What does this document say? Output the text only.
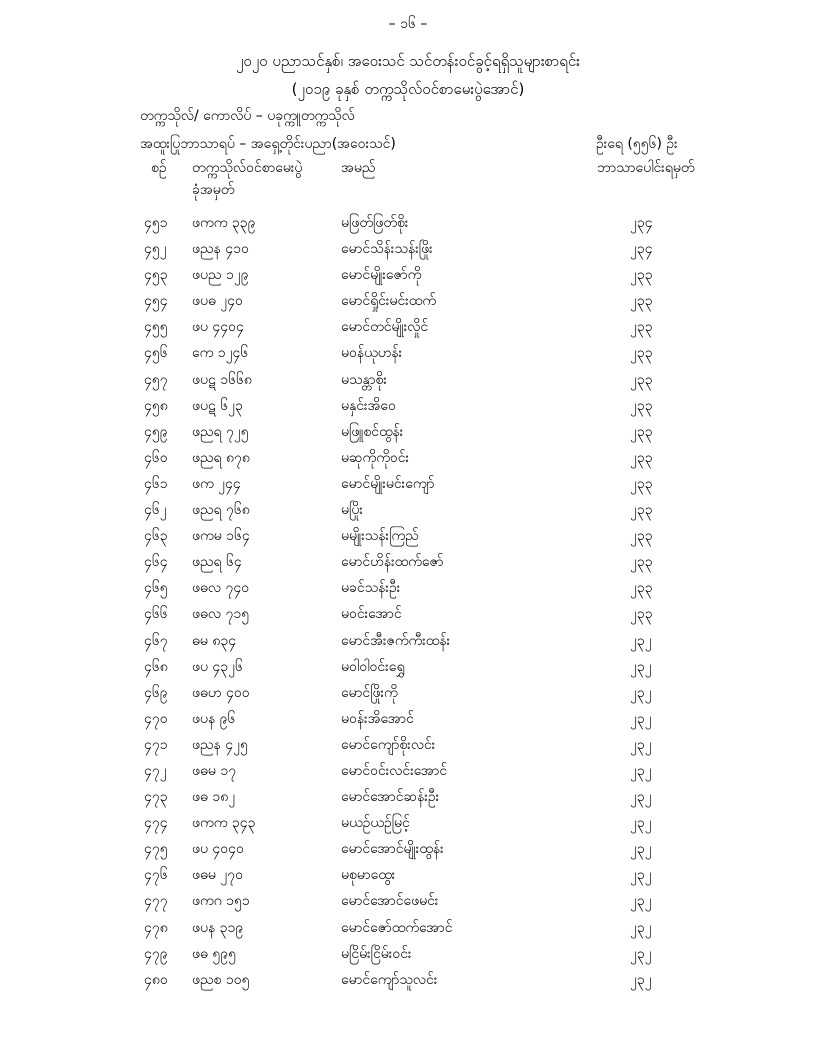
– ၁၆ –
၂၀၂၀ ပညာသင်နှစ်၊ အဝေးသင် သင်တန်းဝင်ခွင့်ရရှိသူများစာရင်း
(၂၀၁၉ ခုနှစ် တက္ကသိုလ်ဝင်စာမေးပွဲအောင်)
တက္ကသိုလ်/ ကောလိပ် – ပခုက္ကူတက္ကသိုလ်
အထူးပြုဘာသာရပ် – အရှေ့တိုင်းပညာ(အဝေးသင်)	ဦးရေ (၅၅၆) ဦး
စဉ် တက္ကသိုလ်ဝင်စာမေးပွဲ
ခုံအမှတ်
အမည်	ဘာသာပေါင်းရမှတ်
၄၅၁ ဖကက ၃၃၉	မဖြတ်ဖြတ်စိုး	၂၃၄
၄၅၂ ဖညန ၄၁၀	မောင်သိန်းသန်းဖြိုး	၂၃၄
၄၅၃ ဖပည ၁၂၉	မောင်မျိုးဇော်ကို	၂၃၃
၄၅၄ ဖပဓ ၂၄၀	မောင်ရှိုင်းမင်းထက်	၂၃၃
၄၅၅ ဖပ ၄၄၀၄	မောင်တင်မျိုးလှိုင်	၂၃၃
၄၅၆ ကေ ၁၂၄၆	မဝန်ယုဟန်း	၂၃၃
၄၅၇ ဖပဋ ၁၆၆၈	မသန္တာစိုး	၂၃၃
၄၅၈ ဖပဋ ၆၂၃	မနှင်းအိဝေ	၂၃၃
၄၅၉ ဖညရ ၇၂၅	မဖြူစင်ထွန်း	၂၃၃
၄၆၀ ဖညရ ၈၇၈	မဆုကိုကိုဝင်း	၂၃၃
၄၆၁ ဖက ၂၄၄	မောင်မျိုးမင်းကျော်	၂၃၃
၄၆၂ ဖညရ ၇၆၈	မပြိုး	၂၃၃
၄၆၃ ဖကမ ၁၆၄	မမျိုးသန်းကြည်	၂၃၃
၄၆၄ ဖညရ ၆၄	မောင်ဟိန်းထက်ဇော်	၂၃၃
၄၆၅ ဖဓလ ၇၄၀	မခင်သန်းဦး	၂၃၃
၄၆၆ ဖဓလ ၇၁၅	မဝင်းအောင်	၂၃၃
၄၆၇ ဓမ ၈၃၄	မောင်အီးဇက်ကီးထန်း	၂၃၂
၄၆၈ ဖပ ၄၃၂၆	မဝါဝါဝင်းရွှေ	၂၃၂
၄၆၉ ဖဓဟ ၄၀၀	မောင်ဖြိုးကို	၂၃၂
၄၇၀ ဖပန ၉၆	မဝန်းအိအောင်	၂၃၂
၄၇၁ ဖညန ၄၂၅	မောင်ကျော်စိုးလင်း	၂၃၂
၄၇၂ ဖဓမ ၁၇	မောင်ဝင်းလင်းအောင်	၂၃၂
၄၇၃ ဖဓ ၁၈၂	မောင်အောင်ဆန်းဦး	၂၃၂
၄၇၄ ဖကက ၃၄၃	မယဉ်ယဉ်မြင့်	၂၃၂
၄၇၅ ဖပ ၄၀၄၀	မောင်အောင်မျိုးထွန်း	၂၃၂
၄၇၆ ဖဓမ ၂၇၀	မစုမာထွေး	၂၃၂
၄၇၇ ဖကဂ ၁၅၁	မောင်အောင်ဖေမင်း	၂၃၂
၄၇၈ ဖပန ၃၁၉	မောင်ဇော်ထက်အောင်	၂၃၂
၄၇၉ ဖဓ ၅၉၅	မငြိမ်းငြိမ်းဝင်း	၂၃၂
၄၈၀ ဖညစ ၁၀၅	မောင်ကျော်သူလင်း	၂၃၂
